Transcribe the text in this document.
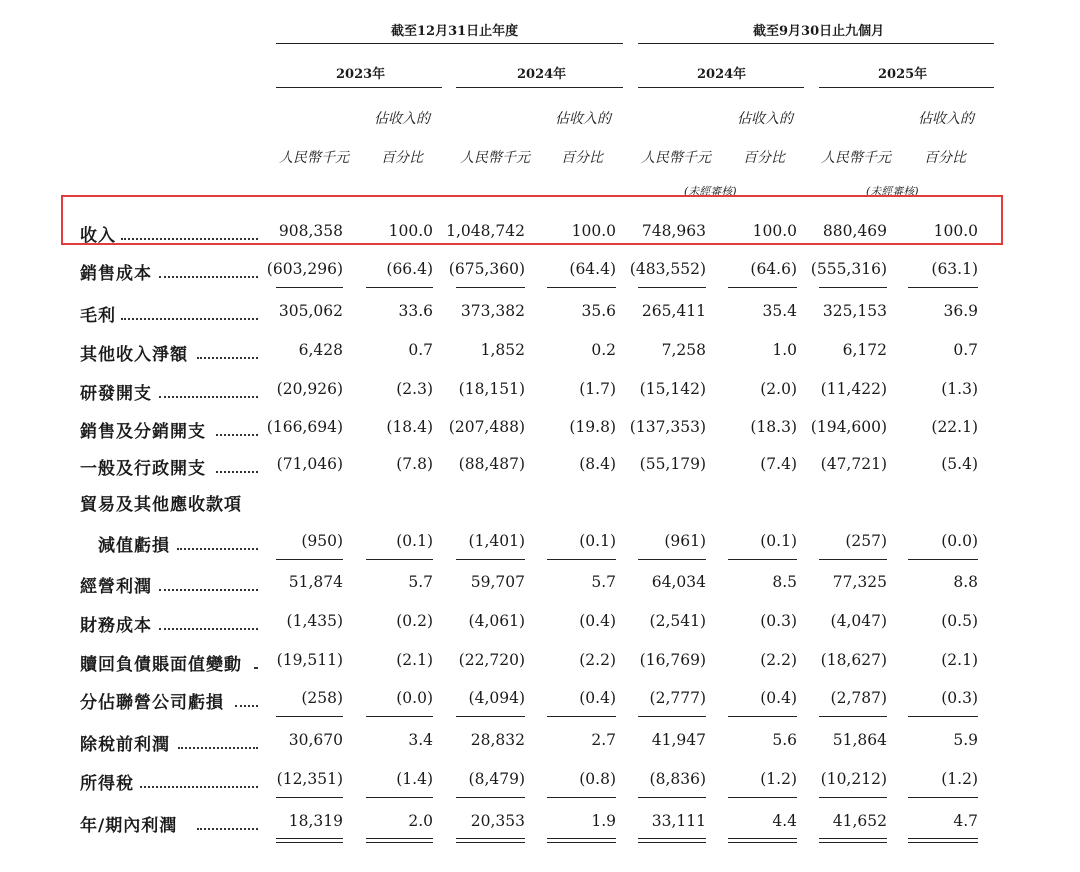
截至12月31日止年度	截至9月30日止九個月
2023年	2024年	2024年	2025年
佔收入的	佔收入的	佔收入的	佔收入的
人民幣千元 百分比	人民幣千元 百分比	人民幣千元 百分比	人民幣千元 百分比
(未經審核)	(未經審核)
收入	908,358	100.0 1,048,742	100.0	748,963	100.0	880,469	100.0
銷售成本	(603,296)	(66.4)	(675,360)	(64.4) (483,552)	(64.6) (555,316)	(63.1)
毛利	305,062	33.6	373,382	35.6	265,411	35.4	325,153	36.9
其他收入淨額	6,428	0.7	1,852	0.2	7,258	1.0	6,172	0.7
研發開支	(20,926)	(2.3)	(18,151)	(1.7)	(15,142)	(2.0)	(11,422)	(1.3)
銷售及分銷開支	(166,694)	(18.4)	(207,488)	(19.8) (137,353)	(18.3) (194,600)	(22.1)
一般及行政開支	(71,046)	(7.8)	(88,487)	(8.4)	(55,179)	(7.4)	(47,721)	(5.4)
貿易及其他應收款項
減值虧損	(950)	(0.1)	(1,401)	(0.1)	(961)	(0.1)	(257)	(0.0)
經營利潤	51,874	5.7	59,707	5.7	64,034	8.5	77,325	8.8
財務成本	(1,435)	(0.2)	(4,061)	(0.4)	(2,541)	(0.3)	(4,047)	(0.5)
贖回負債賬面值變動	(19,511)	(2.1)	(22,720)	(2.2)	(16,769)	(2.2)	(18,627)	(2.1)
分佔聯營公司虧損	(258)	(0.0)	(4,094)	(0.4)	(2,777)	(0.4)	(2,787)	(0.3)
除稅前利潤	30,670	3.4	28,832	2.7	41,947	5.6	51,864	5.9
所得稅	(12,351)	(1.4)	(8,479)	(0.8)	(8,836)	(1.2)	(10,212)	(1.2)
年/期內利潤	18,319	2.0	20,353	1.9	33,111	4.4	41,652	4.7
